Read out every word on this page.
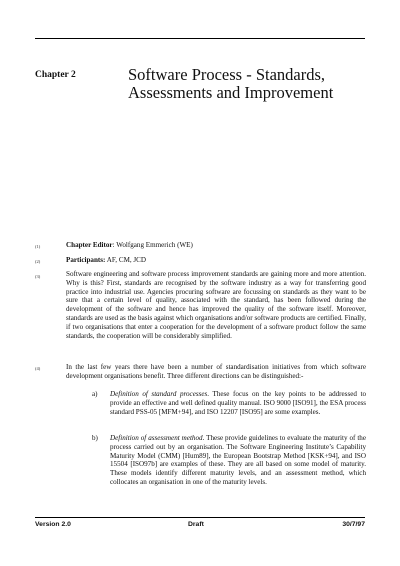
Chapter 2	Software Process - Standards, Assessments and Improvement
(1)	Chapter Editor: Wolfgang Emmerich (WE)
(2)	Participants: AF, CM, JCD
(3)	Software engineering and software process improvement standards are gaining more and more attention. Why is this? First, standards are recognised by the software industry as a way for transferring good practice into industrial use. Agencies procuring software are focussing on standards as they want to be sure that a certain level of quality, associated with the standard, has been followed during the development of the software and hence has improved the quality of the software itself. Moreover, standards are used as the basis against which organisations and/or software products are certified. Finally, if two organisations that enter a cooperation for the development of a software product follow the same standards, the cooperation will be considerably simplified.
(4)	In the last few years there have been a number of standardisation initiatives from which software development organisations benefit. Three different directions can be distinguished:-
a) Definition of standard processes. These focus on the key points to be addressed to provide an effective and well defined quality manual. ISO 9000 [ISO91], the ESA process standard PSS-05 [MFM+94], and ISO 12207 [ISO95] are some examples.
b) Definition of assessment method. These provide guidelines to evaluate the maturity of the process carried out by an organisation. The Software Engineering Institute’s Capability Maturity Model (CMM) [Hum89], the European Bootstrap Method [KSK+94], and ISO 15504 [ISO97b] are examples of these. They are all based on some model of maturity. These models identify different maturity levels, and an assessment method, which collocates an organisation in one of the maturity levels.
Version 2.0	Draft	30/7/97
